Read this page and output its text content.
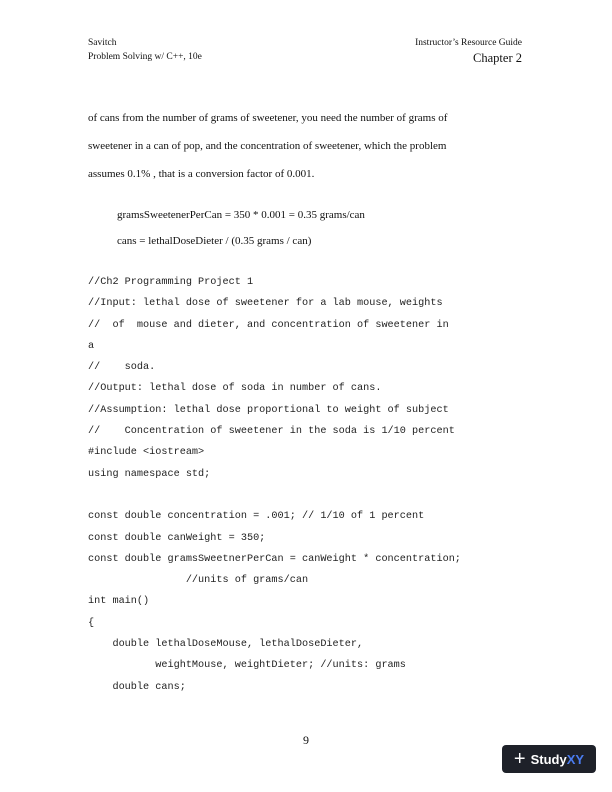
Savitch
Problem Solving w/ C++, 10e
Instructor’s Resource Guide
Chapter 2

of cans from the number of grams of sweetener, you need the number of grams of

sweetener in a can of pop, and the concentration of sweetener, which the problem

assumes 0.1% , that is a conversion factor of 0.001.

gramsSweetenerPerCan = 350 * 0.001 = 0.35 grams/can
cans = lethalDoseDieter / (0.35 grams / can)
//Ch2 Programming Project 1
//Input: lethal dose of sweetener for a lab mouse, weights
//  of  mouse and dieter, and concentration of sweetener in
a
//    soda.
//Output: lethal dose of soda in number of cans.
//Assumption: lethal dose proportional to weight of subject
//    Concentration of sweetener in the soda is 1/10 percent
#include <iostream>
using namespace std;
const double concentration = .001; // 1/10 of 1 percent
const double canWeight = 350;
const double gramsSweetnerPerCan = canWeight * concentration;
//units of grams/can
int main()
{
double lethalDoseMouse, lethalDoseDieter,
weightMouse, weightDieter; //units: grams
double cans;
9
+ Study XY
